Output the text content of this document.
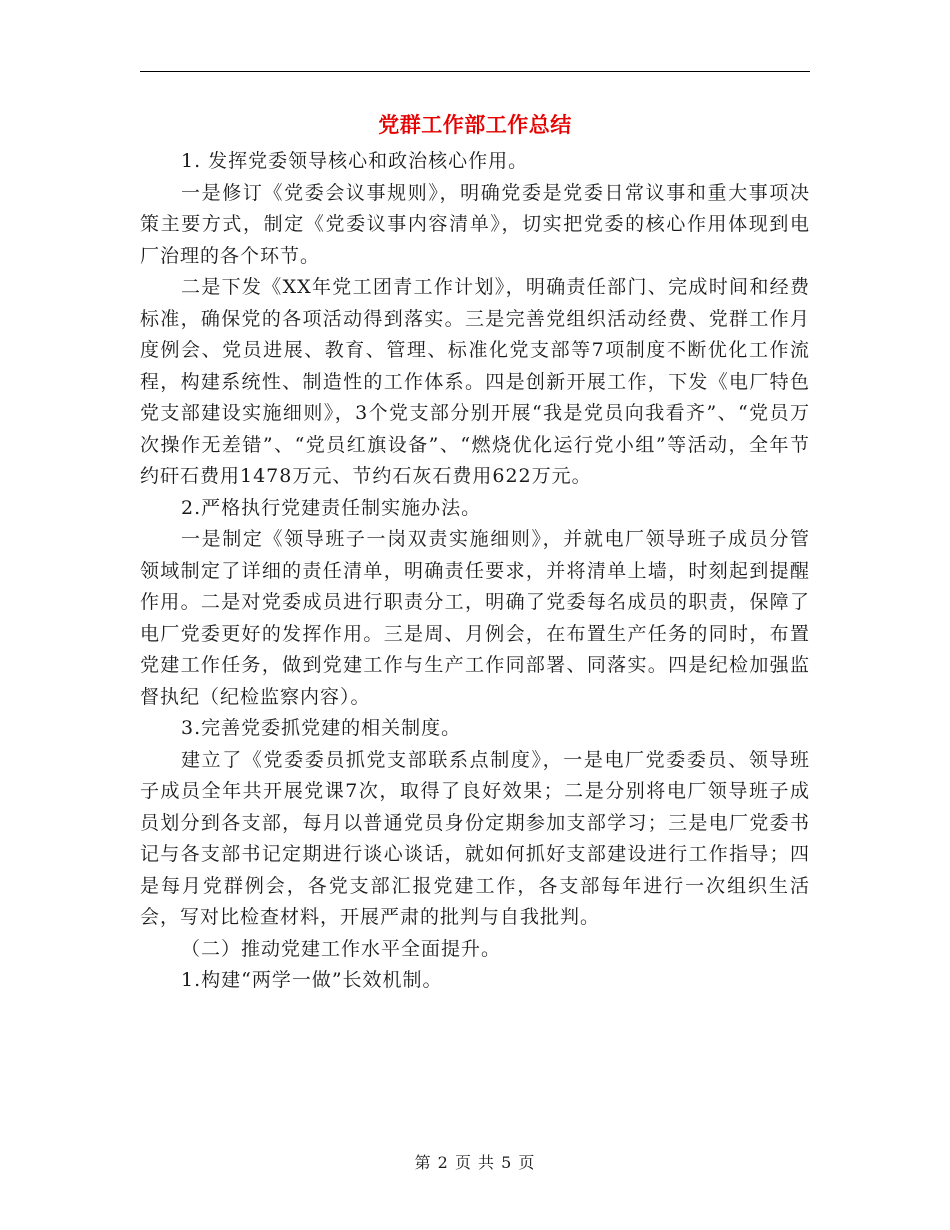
党群工作部工作总结

1. 发挥党委领导核心和政治核心作用。

一是修订《党委会议事规则》，明确党委是党委日常议事和重大事项决策主要方式，制定《党委议事内容清单》，切实把党委的核心作用体现到电厂治理的各个环节。

二是下发《XX年党工团青工作计划》，明确责任部门、完成时间和经费标准，确保党的各项活动得到落实。三是完善党组织活动经费、党群工作月度例会、党员进展、教育、管理、标准化党支部等7项制度不断优化工作流程，构建系统性、制造性的工作体系。四是创新开展工作，下发《电厂特色党支部建设实施细则》，3个党支部分别开展“我是党员向我看齐”、“党员万次操作无差错”、“党员红旗设备”、“燃烧优化运行党小组”等活动，全年节约矸石费用1478万元、节约石灰石费用622万元。

2.严格执行党建责任制实施办法。

一是制定《领导班子一岗双责实施细则》，并就电厂领导班子成员分管领域制定了详细的责任清单，明确责任要求，并将清单上墙，时刻起到提醒作用。二是对党委成员进行职责分工，明确了党委每名成员的职责，保障了电厂党委更好的发挥作用。三是周、月例会，在布置生产任务的同时，布置党建工作任务，做到党建工作与生产工作同部署、同落实。四是纪检加强监督执纪（纪检监察内容）。

3.完善党委抓党建的相关制度。

建立了《党委委员抓党支部联系点制度》，一是电厂党委委员、领导班子成员全年共开展党课7次，取得了良好效果；二是分别将电厂领导班子成员划分到各支部，每月以普通党员身份定期参加支部学习；三是电厂党委书记与各支部书记定期进行谈心谈话，就如何抓好支部建设进行工作指导；四是每月党群例会，各党支部汇报党建工作，各支部每年进行一次组织生活会，写对比检查材料，开展严肃的批判与自我批判。

（二）推动党建工作水平全面提升。

1.构建“两学一做”长效机制。

第 2 页 共 5 页
